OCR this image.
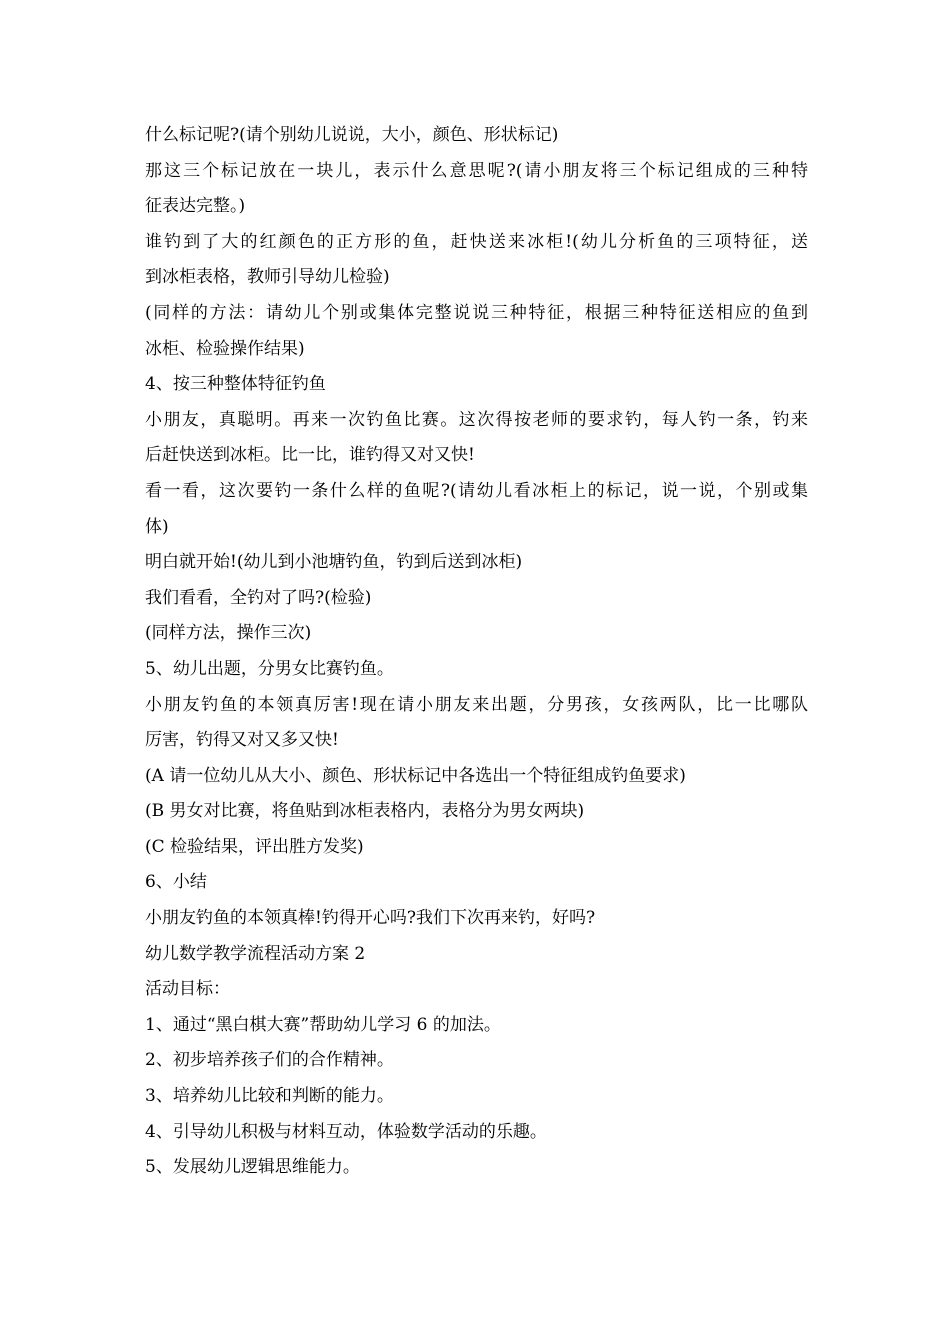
什么标记呢?(请个别幼儿说说，大小，颜色、形状标记)
那这三个标记放在一块儿，表示什么意思呢?(请小朋友将三个标记组成的三种特
征表达完整。)
谁钓到了大的红颜色的正方形的鱼，赶快送来冰柜!(幼儿分析鱼的三项特征，送
到冰柜表格，教师引导幼儿检验)
(同样的方法：请幼儿个别或集体完整说说三种特征，根据三种特征送相应的鱼到
冰柜、检验操作结果)
4、按三种整体特征钓鱼
小朋友，真聪明。再来一次钓鱼比赛。这次得按老师的要求钓，每人钓一条，钓来
后赶快送到冰柜。比一比，谁钓得又对又快!
看一看，这次要钓一条什么样的鱼呢?(请幼儿看冰柜上的标记，说一说，个别或集
体)
明白就开始!(幼儿到小池塘钓鱼，钓到后送到冰柜)
我们看看，全钓对了吗?(检验)
(同样方法，操作三次)
5、幼儿出题，分男女比赛钓鱼。
小朋友钓鱼的本领真厉害!现在请小朋友来出题，分男孩，女孩两队，比一比哪队
厉害，钓得又对又多又快!
(A 请一位幼儿从大小、颜色、形状标记中各选出一个特征组成钓鱼要求)
(B 男女对比赛，将鱼贴到冰柜表格内，表格分为男女两块)
(C 检验结果，评出胜方发奖)
6、小结
小朋友钓鱼的本领真棒!钓得开心吗?我们下次再来钓，好吗?
幼儿数学教学流程活动方案 2
活动目标：
1、通过“黑白棋大赛”帮助幼儿学习 6 的加法。
2、初步培养孩子们的合作精神。
3、培养幼儿比较和判断的能力。
4、引导幼儿积极与材料互动，体验数学活动的乐趣。
5、发展幼儿逻辑思维能力。
